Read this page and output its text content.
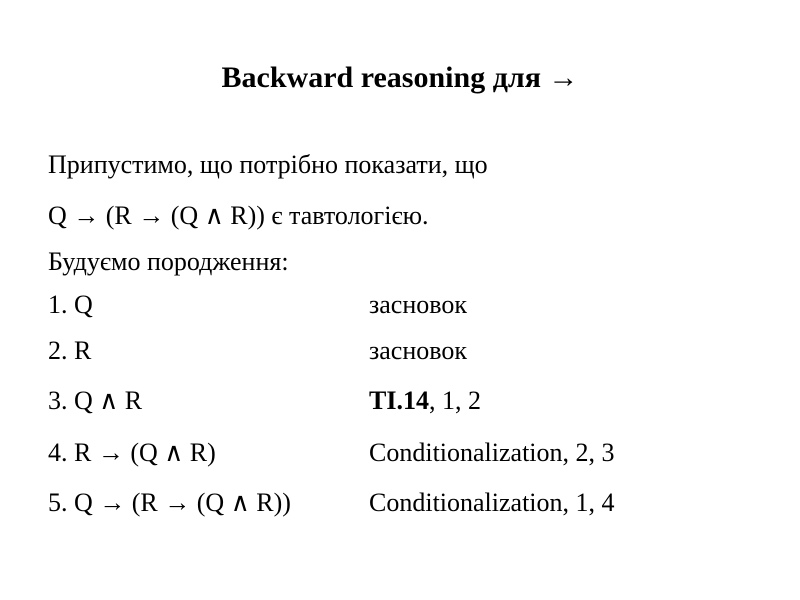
Backward reasoning для →
Припустимо, що потрібно показати, що
Q → (R → (Q ∧ R)) є тавтологією.
Будуємо породження:
1. Q	засновок
2. R	засновок
3. Q ∧ R	TI.14, 1, 2
4. R → (Q ∧ R)	Conditionalization, 2, 3
5. Q → (R → (Q ∧ R))	Conditionalization, 1, 4
